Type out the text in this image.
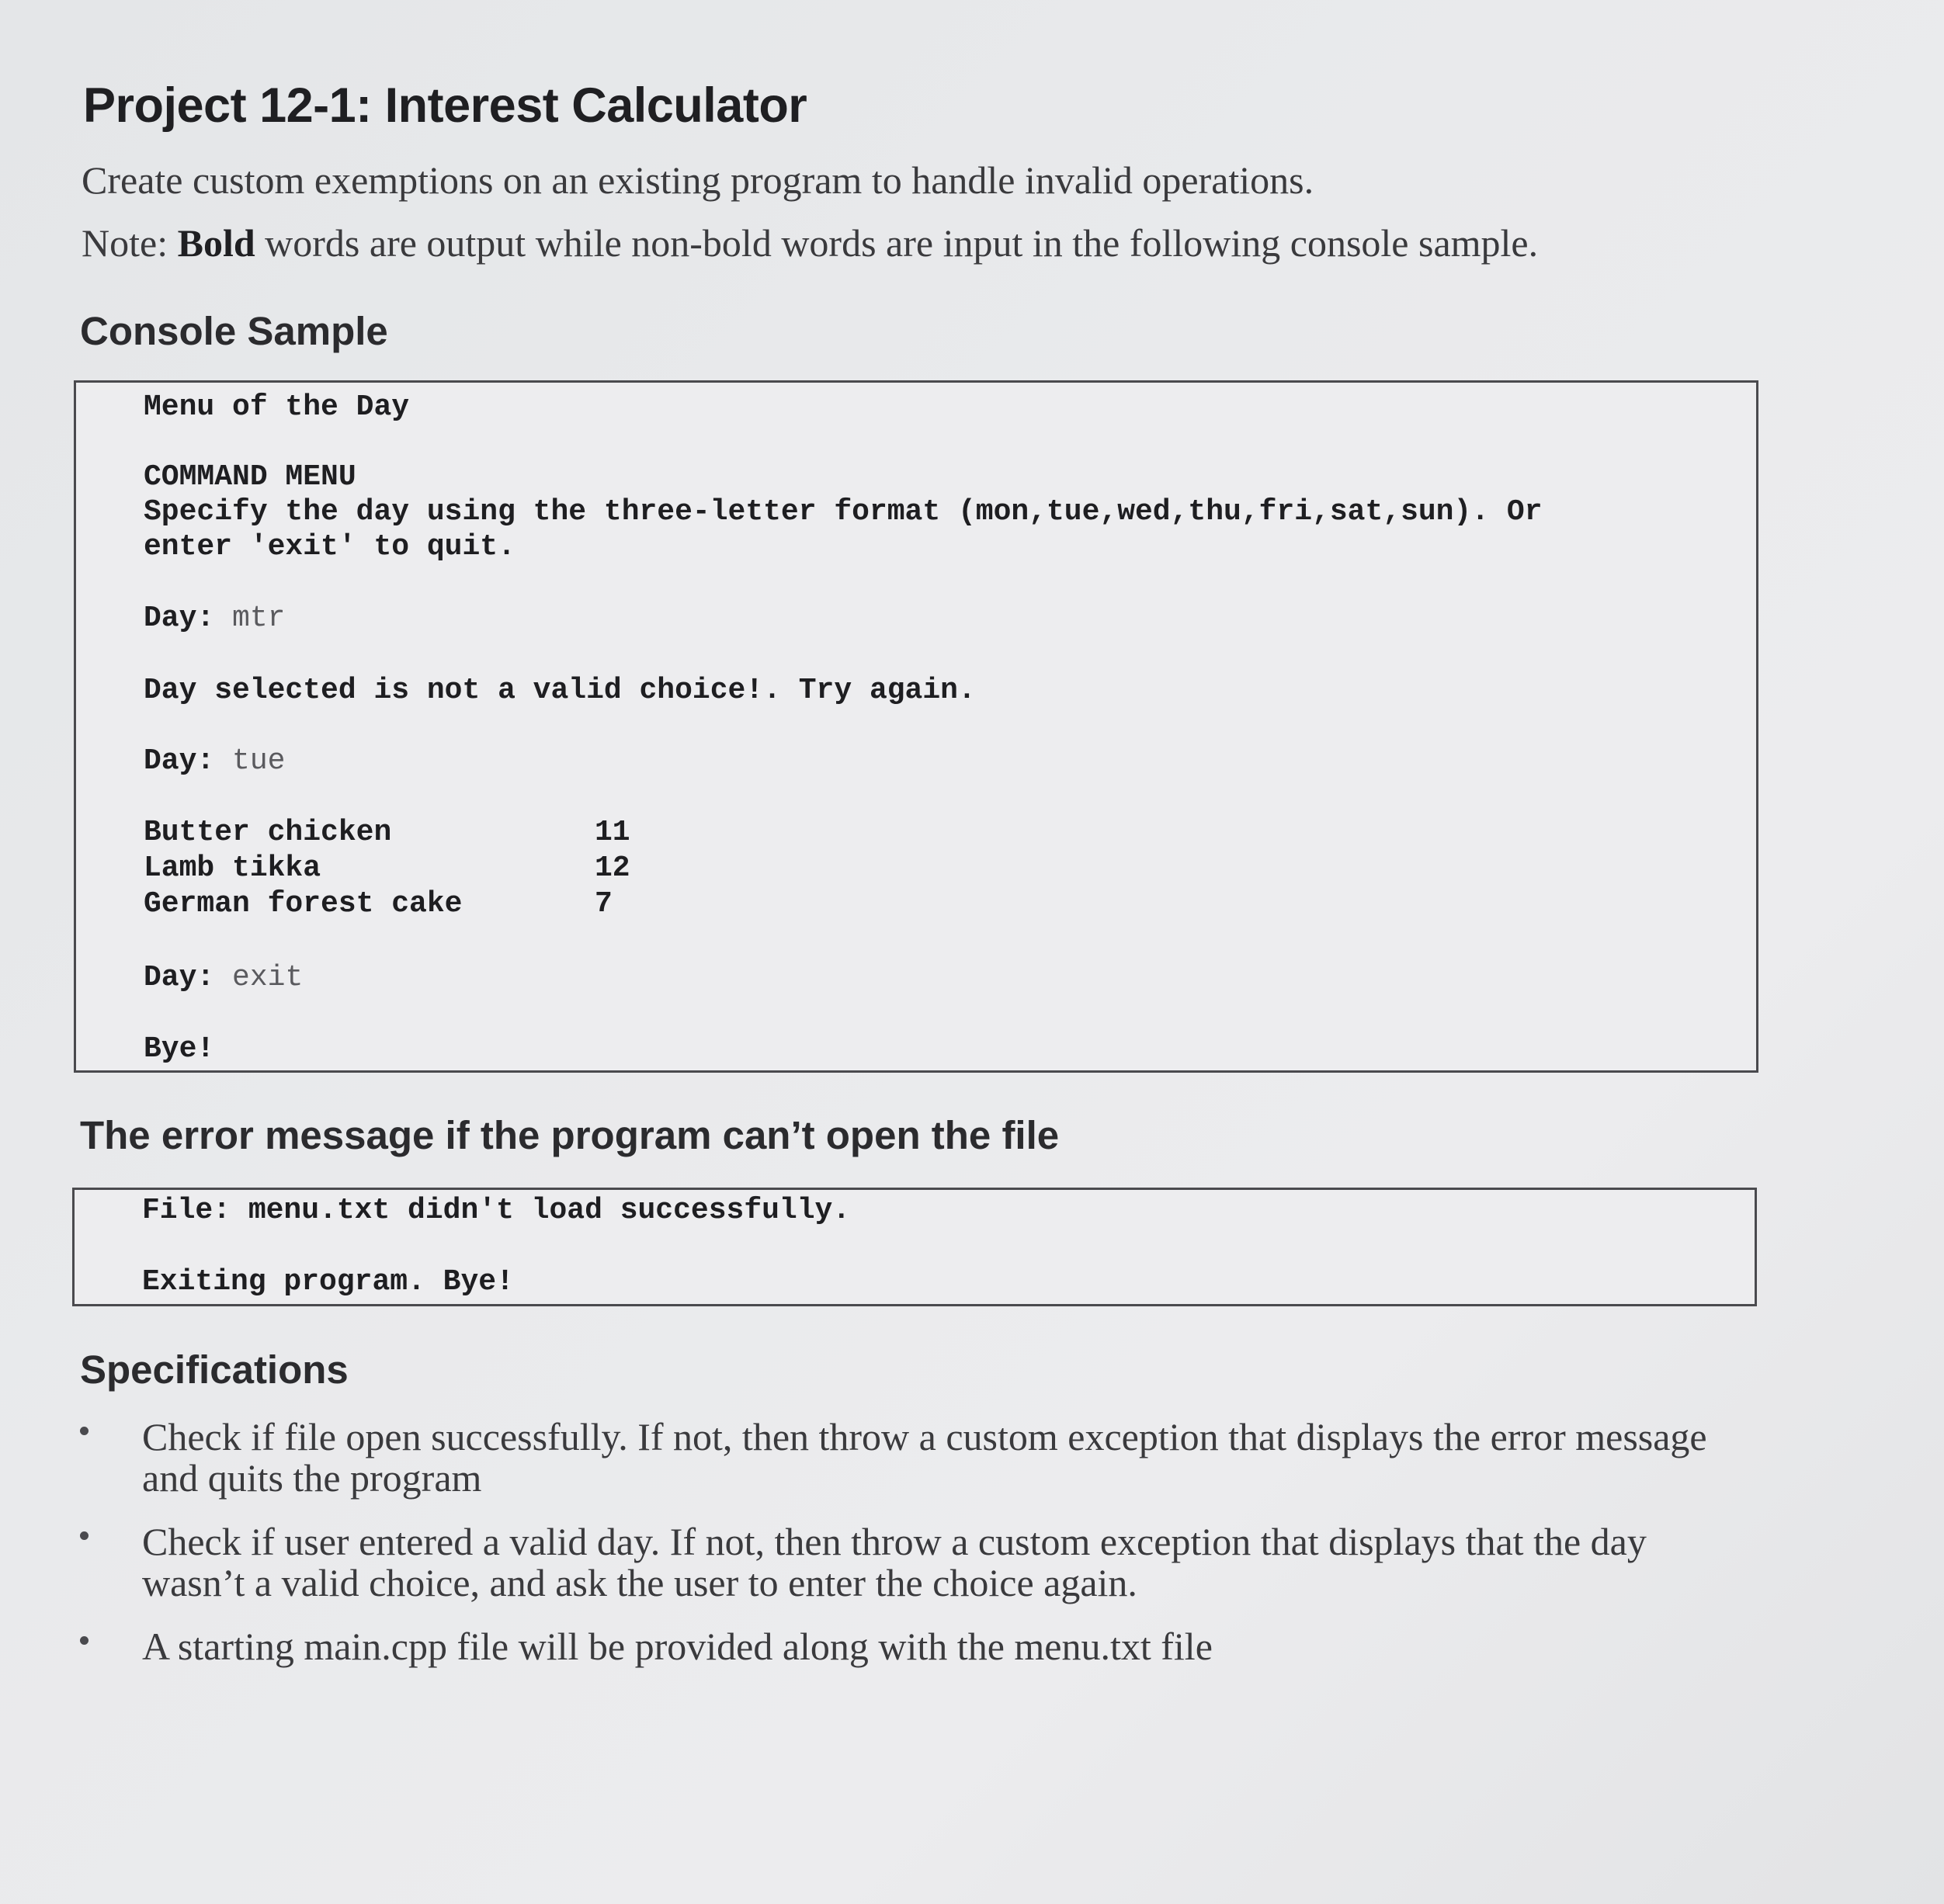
Project 12-1: Interest Calculator
Create custom exemptions on an existing program to handle invalid operations.
Note: Bold words are output while non-bold words are input in the following console sample.
Console Sample
Menu of the Day
COMMAND MENU
Specify the day using the three-letter format (mon,tue,wed,thu,fri,sat,sun). Or
enter 'exit' to quit.
Day: mtr
Day selected is not a valid choice!. Try again.
Day: tue
Butter chicken	11
Lamb tikka	12
German forest cake	7
Day: exit
Bye!
The error message if the program can’t open the file
File: menu.txt didn't load successfully.
Exiting program. Bye!
Specifications
Check if file open successfully. If not, then throw a custom exception that displays the error message and quits the program
Check if user entered a valid day. If not, then throw a custom exception that displays that the day wasn’t a valid choice, and ask the user to enter the choice again.
A starting main.cpp file will be provided along with the menu.txt file
